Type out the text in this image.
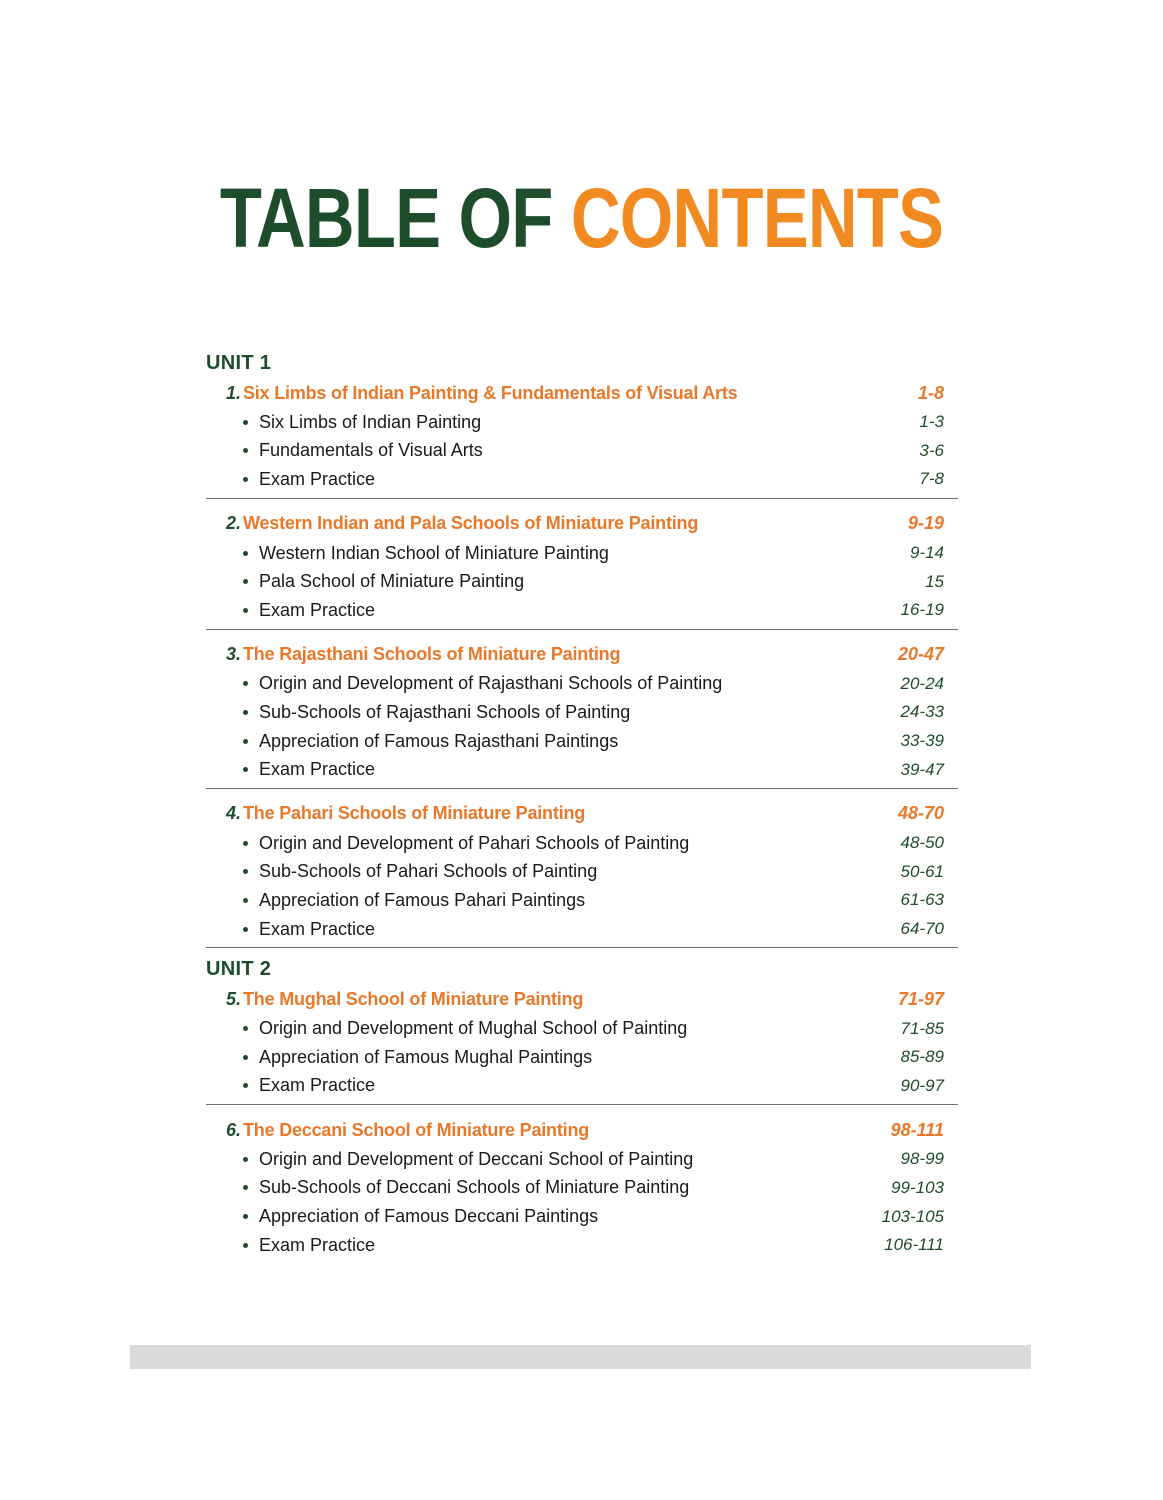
TABLE OF CONTENTS
UNIT 1
1. Six Limbs of Indian Painting & Fundamentals of Visual Arts	1-8
Six Limbs of Indian Painting	1-3
Fundamentals of Visual Arts	3-6
Exam Practice	7-8
2. Western Indian and Pala Schools of Miniature Painting	9-19
Western Indian School of Miniature Painting	9-14
Pala School of Miniature Painting	15
Exam Practice	16-19
3. The Rajasthani Schools of Miniature Painting	20-47
Origin and Development of Rajasthani Schools of Painting	20-24
Sub-Schools of Rajasthani Schools of Painting	24-33
Appreciation of Famous Rajasthani Paintings	33-39
Exam Practice	39-47
4. The Pahari Schools of Miniature Painting	48-70
Origin and Development of Pahari Schools of Painting	48-50
Sub-Schools of Pahari Schools of Painting	50-61
Appreciation of Famous Pahari Paintings	61-63
Exam Practice	64-70
UNIT 2
5. The Mughal School of Miniature Painting	71-97
Origin and Development of Mughal School of Painting	71-85
Appreciation of Famous Mughal Paintings	85-89
Exam Practice	90-97
6. The Deccani School of Miniature Painting	98-111
Origin and Development of Deccani School of Painting	98-99
Sub-Schools of Deccani Schools of Miniature Painting	99-103
Appreciation of Famous Deccani Paintings	103-105
Exam Practice	106-111
